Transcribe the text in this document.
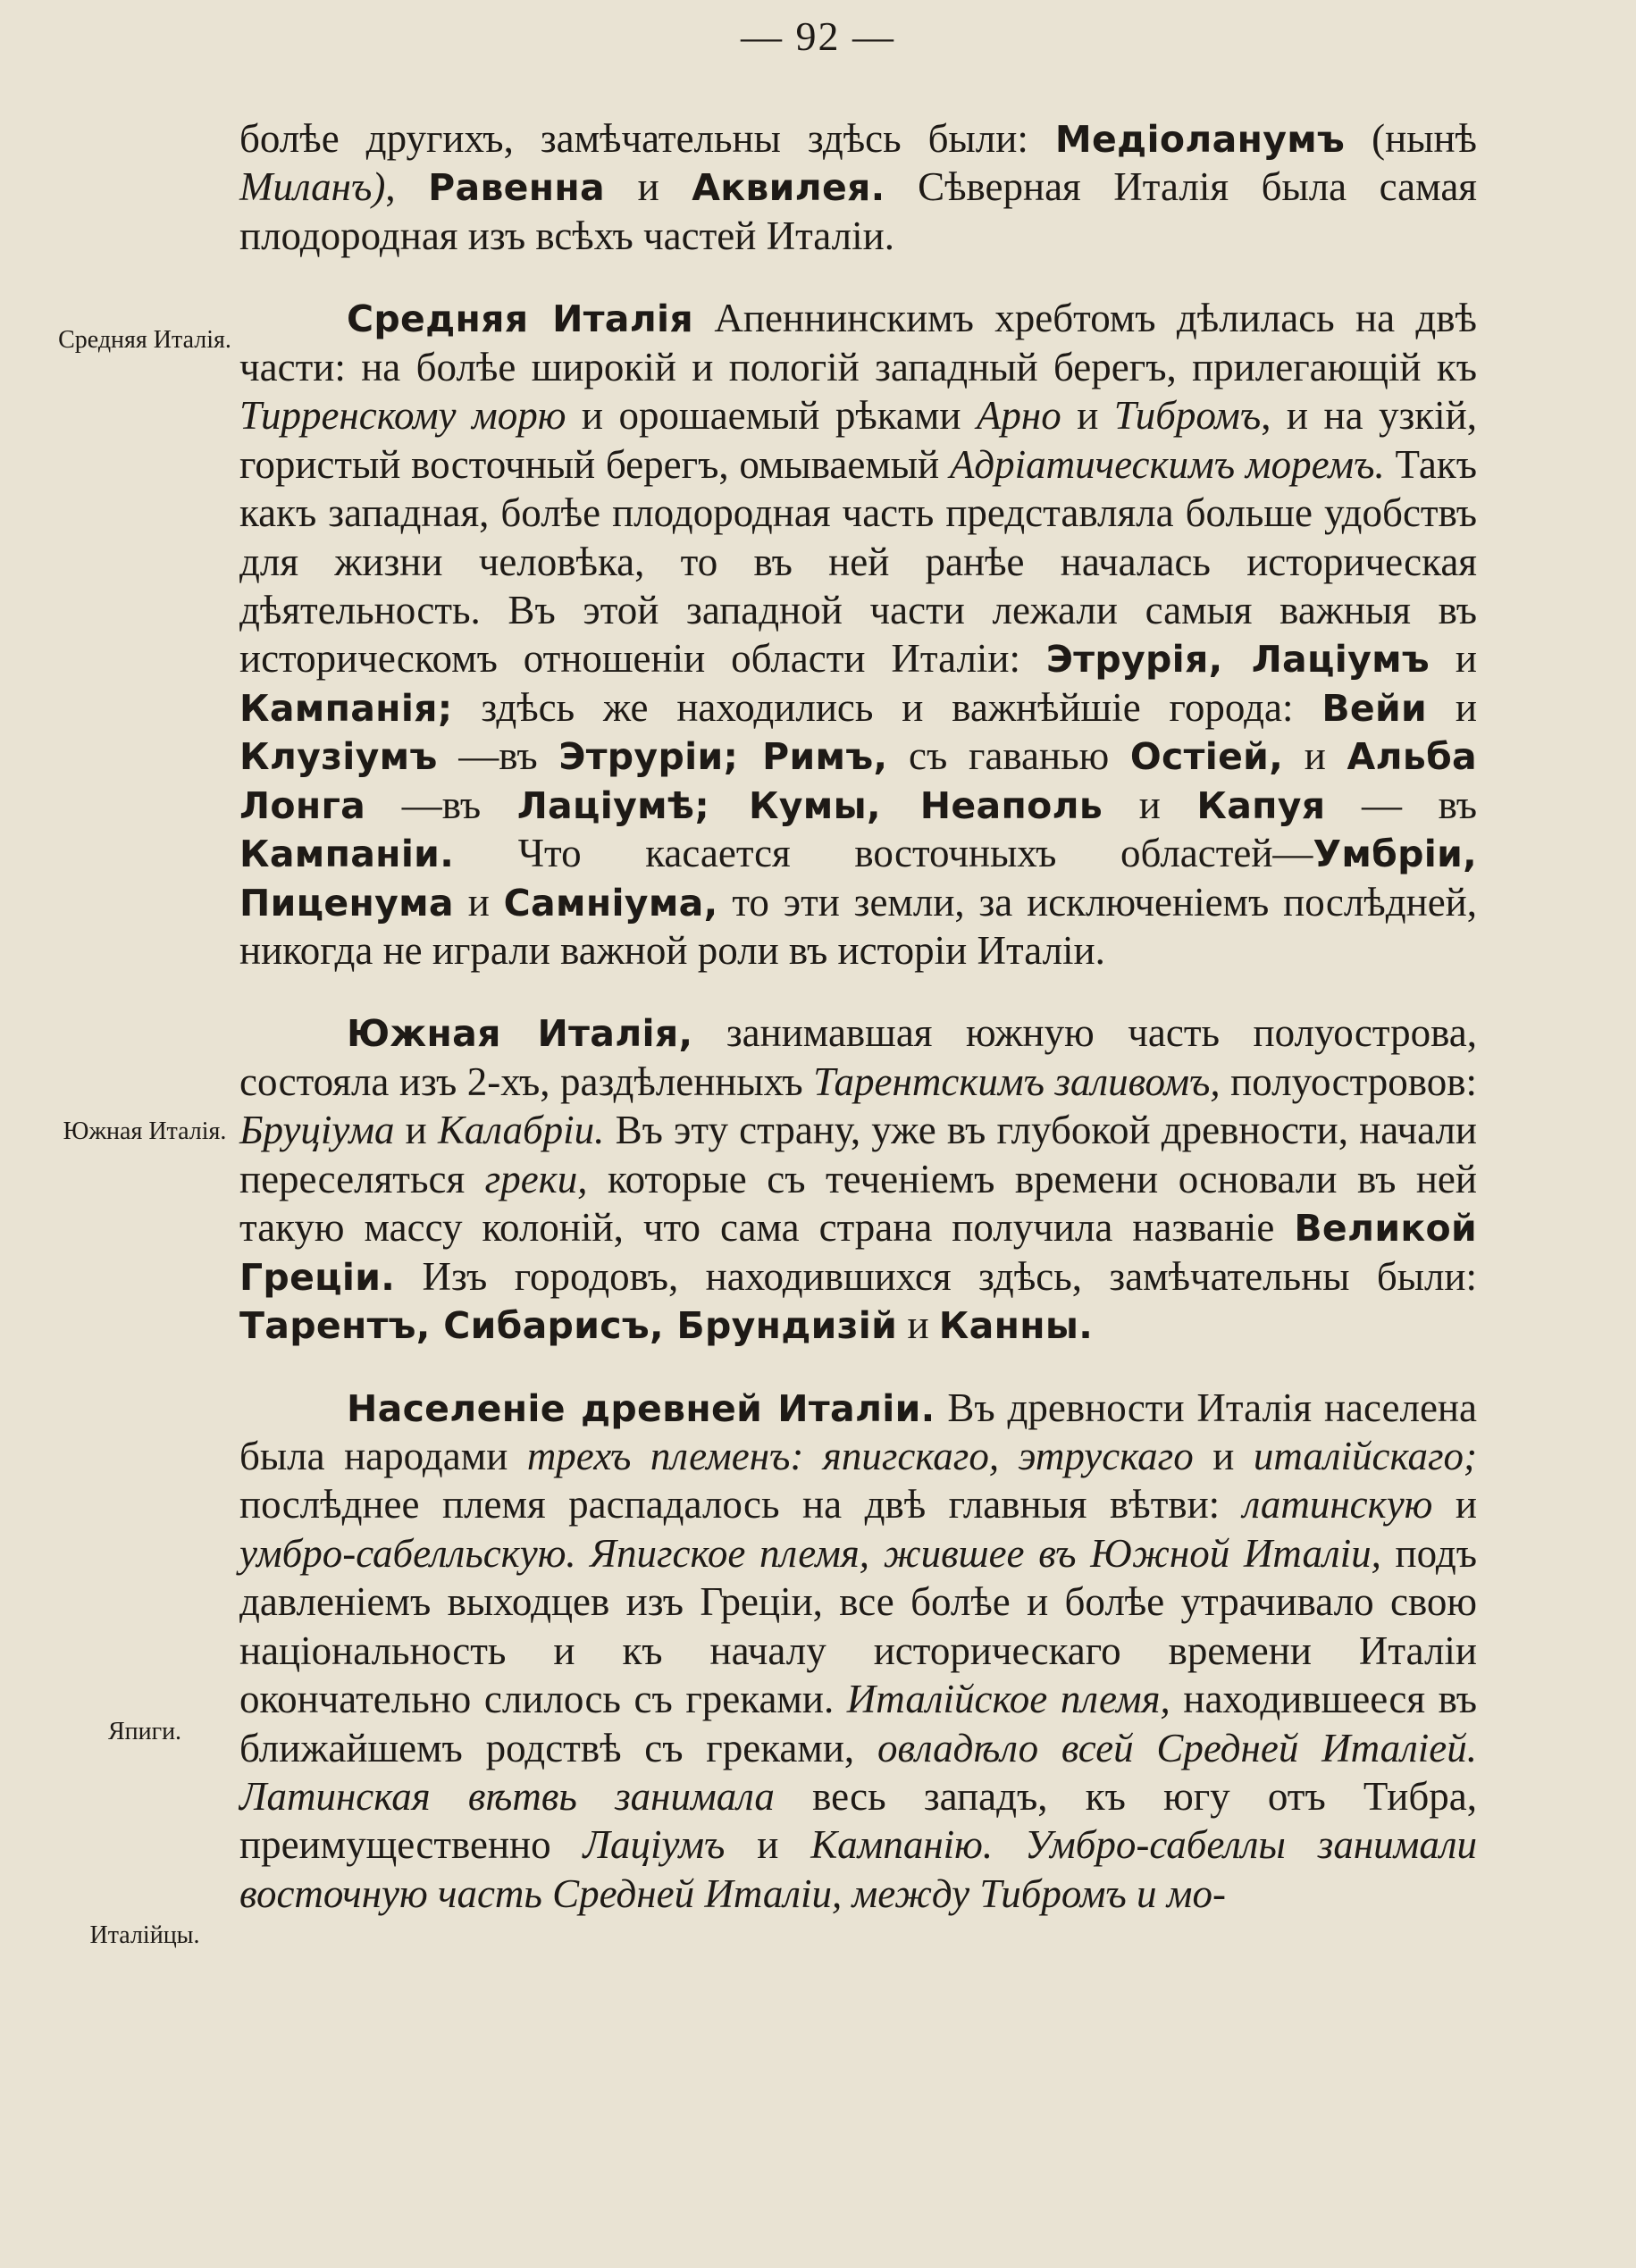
— 92 —
Средняя Италія.
Южная Италія.
Япиги.
Италійцы.

болѣе другихъ, замѣчательны здѣсь были: Медіоланумъ (нынѣ Миланъ), Равенна и Аквилея. Сѣверная Италія была самая плодородная изъ всѣхъ частей Италіи.

Средняя Италія Апеннинскимъ хребтомъ дѣлилась на двѣ части: на болѣе широкій и пологій западный берегъ, прилегающій къ Тирренскому морю и орошаемый рѣками Арно и Тибромъ, и на узкій, гористый восточный берегъ, омываемый Адріатическимъ моремъ. Такъ какъ западная, болѣе плодородная часть представляла больше удобствъ для жизни человѣка, то въ ней ранѣе началась историческая дѣятельность. Въ этой западной части лежали самыя важныя въ историческомъ отношеніи области Италіи: Этрурія, Лаціумъ и Кампанія; здѣсь же находились и важнѣйшіе города: Вейи и Клузіумъ —въ Этруріи; Римъ, съ гаванью Остіей, и Альба Лонга —въ Лаціумѣ; Кумы, Неаполь и Капуя — въ Кампаніи. Что касается восточныхъ областей—Умбріи, Пиценума и Самніума, то эти земли, за исключеніемъ послѣдней, никогда не играли важной роли въ исторіи Италіи.

Южная Италія, занимавшая южную часть полуострова, состояла изъ 2-хъ, раздѣленныхъ Тарентскимъ заливомъ, полуостровов: Бруціума и Калабріи. Въ эту страну, уже въ глубокой древности, начали переселяться греки, которые съ теченіемъ времени основали въ ней такую массу колоній, что сама страна получила названіе Великой Греціи. Изъ городовъ, находившихся здѣсь, замѣчательны были: Тарентъ, Сибарисъ, Брундизій и Канны.

Населеніе древней Италіи. Въ древности Италія населена была народами трехъ племенъ: япигскаго, этрускаго и италійскаго; послѣднее племя распадалось на двѣ главныя вѣтви: латинскую и умбро-сабелльскую. Япигское племя, жившее въ Южной Италіи, подъ давленіемъ выходцев изъ Греціи, все болѣе и болѣе утрачивало свою національность и къ началу историческаго времени Италіи окончательно слилось съ греками. Италійское племя, находившееся въ ближайшемъ родствѣ съ греками, овладѣло всей Средней Италіей. Латинская вѣтвь занимала весь западъ, къ югу отъ Тибра, преимущественно Лаціумъ и Кампанію. Умбро-сабеллы занимали восточную часть Средней Италіи, между Тибромъ и мо-
